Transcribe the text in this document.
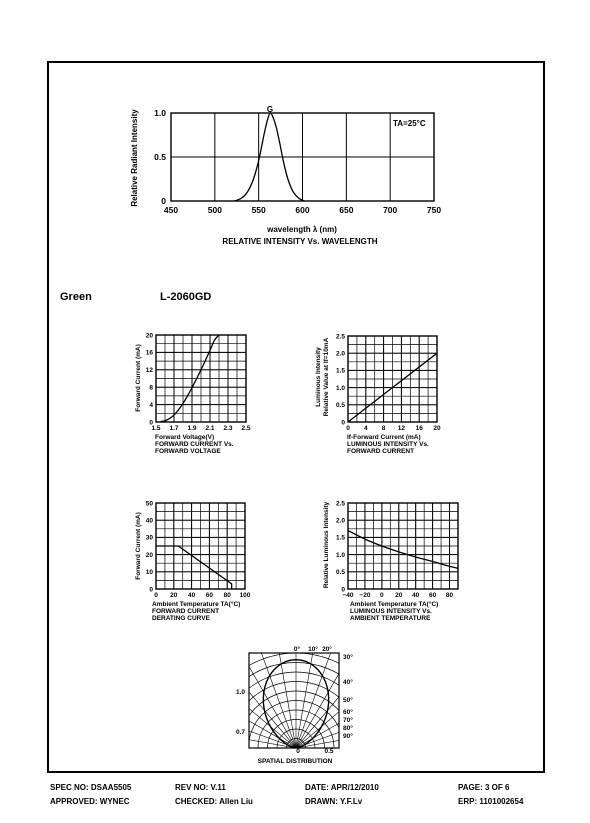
450	500	550	600	650	700	750
0
0.5
1.0
Relative Radiant Intensity	TA=25°C
G
wavelength λ (nm)
RELATIVE INTENSITY Vs. WAVELENGTH
Green	L-2060GD
1.5 1.7 1.9 2.1 2.3 2.5
0
4
8
12
16
20
Forward Current (mA)
Forward Voltage(V)
FORWARD CURRENT Vs.
FORWARD VOLTAGE
0 4 8 12 16 20
0
0.5
1.0
1.5
2.0
2.5
Luminous Intensity Relative Value at If=10mA
If-Forward Current (mA)
LUMINOUS INTENSITY Vs.
FORWARD CURRENT
0 20 40 60 80 100
0
10
20
30
40
50
Forward Current (mA)
Ambient Temperature TA(°C)
FORWARD CURRENT
DERATING CURVE
−40 −20 0 20 40 60 80
0
0.5
1.0
1.5
2.0
2.5
Relative Luminous Intensity
Ambient Temperature TA(°C)
LUMINOUS INTENSITY Vs.
AMBIENT TEMPERATURE
0° 10° 20°
30°
40°
50°
60°
70°
80°
90°
1.0
0.7
0	0.5
SPATIAL DISTRIBUTION
SPEC NO: DSAA5505	REV NO: V.11	DATE: APR/12/2010	PAGE: 3 OF 6
APPROVED: WYNEC	CHECKED: Allen Liu	DRAWN: Y.F.Lv	ERP: 1101002654
